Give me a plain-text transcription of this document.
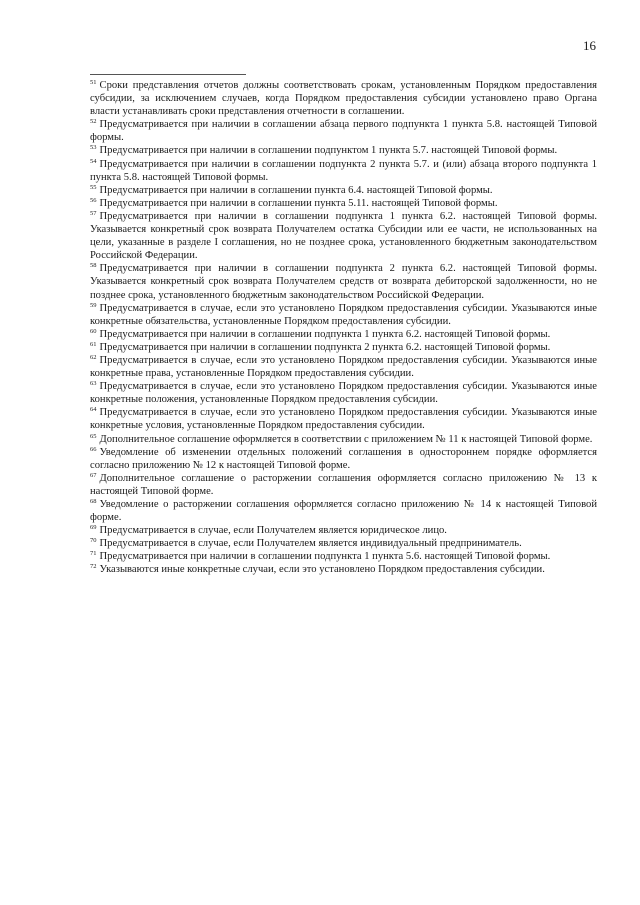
16

$^{51}$ Сроки представления отчетов должны соответствовать срокам, установленным Порядком предоставления субсидии, за исключением случаев, когда Порядком предоставления субсидии установлено право Органа власти устанавливать сроки представления отчетности в соглашении.

$^{52}$ Предусматривается при наличии в соглашении абзаца первого подпункта 1 пункта 5.8. настоящей Типовой формы.

$^{53}$ Предусматривается при наличии в соглашении подпунктом 1 пункта 5.7. настоящей Типовой формы.

$^{54}$ Предусматривается при наличии в соглашении подпункта 2 пункта 5.7. и (или) абзаца второго подпункта 1 пункта 5.8. настоящей Типовой формы.

$^{55}$ Предусматривается при наличии в соглашении пункта 6.4. настоящей Типовой формы.

$^{56}$ Предусматривается при наличии в соглашении пункта 5.11. настоящей Типовой формы.

$^{57}$ Предусматривается при наличии в соглашении подпункта 1 пункта 6.2. настоящей Типовой формы. Указывается конкретный срок возврата Получателем остатка Субсидии или ее части, не использованных на цели, указанные в разделе I соглашения, но не позднее срока, установленного бюджетным законодательством Российской Федерации.

$^{58}$ Предусматривается при наличии в соглашении подпункта 2 пункта 6.2. настоящей Типовой формы. Указывается конкретный срок возврата Получателем средств от возврата дебиторской задолженности, но не позднее срока, установленного бюджетным законодательством Российской Федерации.

$^{59}$ Предусматривается в случае, если это установлено Порядком предоставления субсидии. Указываются иные конкретные обязательства, установленные Порядком предоставления субсидии.

$^{60}$ Предусматривается при наличии в соглашении подпункта 1 пункта 6.2. настоящей Типовой формы.

$^{61}$ Предусматривается при наличии в соглашении подпункта 2 пункта 6.2. настоящей Типовой формы.

$^{62}$ Предусматривается в случае, если это установлено Порядком предоставления субсидии. Указываются иные конкретные права, установленные Порядком предоставления субсидии.

$^{63}$ Предусматривается в случае, если это установлено Порядком предоставления субсидии. Указываются иные конкретные положения, установленные Порядком предоставления субсидии.

$^{64}$ Предусматривается в случае, если это установлено Порядком предоставления субсидии. Указываются иные конкретные условия, установленные Порядком предоставления субсидии.

$^{65}$ Дополнительное соглашение оформляется в соответствии с приложением № 11 к настоящей Типовой форме.

$^{66}$ Уведомление об изменении отдельных положений соглашения в одностороннем порядке оформляется согласно приложению № 12 к настоящей Типовой форме.

$^{67}$ Дополнительное соглашение о расторжении соглашения оформляется согласно приложению № 13 к настоящей Типовой форме.

$^{68}$ Уведомление о расторжении соглашения оформляется согласно приложению № 14 к настоящей Типовой форме.

$^{69}$ Предусматривается в случае, если Получателем является юридическое лицо.

$^{70}$ Предусматривается в случае, если Получателем является индивидуальный предприниматель.

$^{71}$ Предусматривается при наличии в соглашении подпункта 1 пункта 5.6. настоящей Типовой формы.

$^{72}$ Указываются иные конкретные случаи, если это установлено Порядком предоставления субсидии.
